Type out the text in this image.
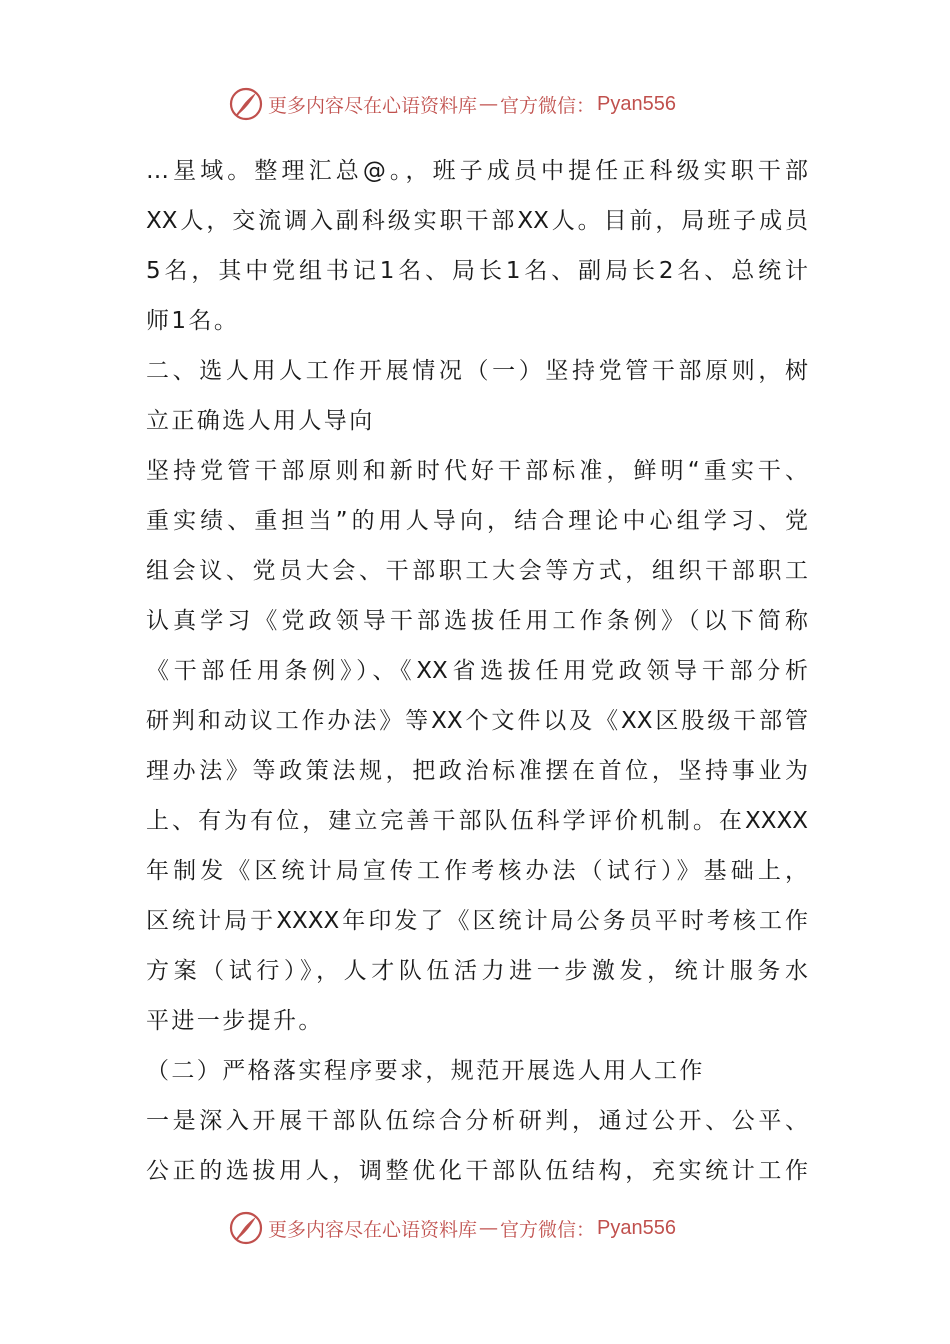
更多内容尽在心语资料库 — 官方微信： Pyan556
…星域。整理汇总@。，班子成员中提任正科级实职干部
XX人，交流调入副科级实职干部XX人。目前，局班子成员
5名，其中党组书记1名、局长1名、副局长2名、总统计
师1名。
二、选人用人工作开展情况（一）坚持党管干部原则，树
立正确选人用人导向
坚持党管干部原则和新时代好干部标准，鲜明“重实干、
重实绩、重担当”的用人导向，结合理论中心组学习、党
组会议、党员大会、干部职工大会等方式，组织干部职工
认真学习《党政领导干部选拔任用工作条例》（以下简称
《干部任用条例》）、《XX省选拔任用党政领导干部分析
研判和动议工作办法》等XX个文件以及《XX区股级干部管
理办法》等政策法规，把政治标准摆在首位，坚持事业为
上、有为有位，建立完善干部队伍科学评价机制。在XXXX
年制发《区统计局宣传工作考核办法（试行）》基础上，
区统计局于XXXX年印发了《区统计局公务员平时考核工作
方案（试行）》，人才队伍活力进一步激发，统计服务水
平进一步提升。
（二）严格落实程序要求，规范开展选人用人工作
一是深入开展干部队伍综合分析研判，通过公开、公平、
公正的选拔用人，调整优化干部队伍结构，充实统计工作
更多内容尽在心语资料库 — 官方微信： Pyan556
